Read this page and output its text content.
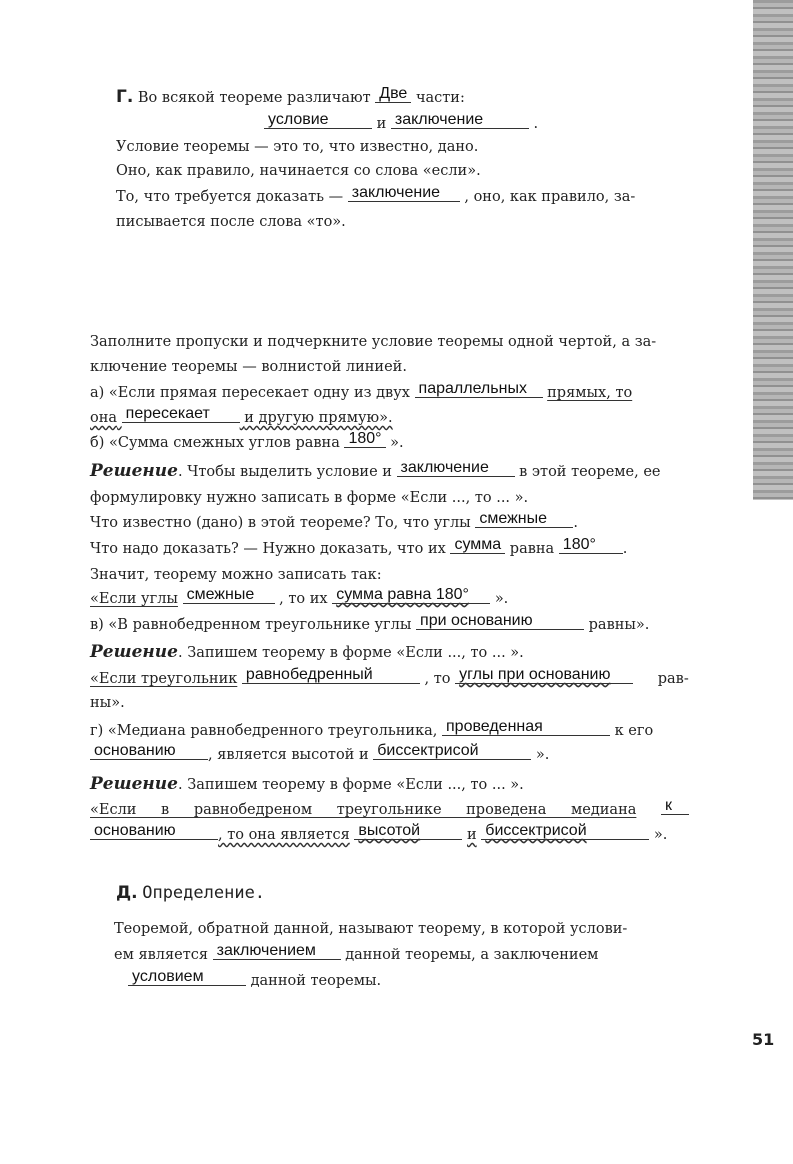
Г. Во всякой теореме различают Две части:
условие	и заключение	.
Условие теоремы — это то, что известно, дано.
Оно, как правило, начинается со слова «если».
То, что требуется доказать — заключение , оно, как правило, за-
писывается после слова «то».
Заполните пропуски и подчеркните условие теоремы одной чертой, а за-
ключение теоремы — волнистой линией.
а) «Если прямая пересекает одну из двух параллельных прямых, то
она пересекает и другую прямую».
б) «Сумма смежных углов равна 180° ».
Решение. Чтобы выделить условие и заключение в этой теореме, ее
формулировку нужно записать в форме «Если ..., то ... ».
Что известно (дано) в этой теореме? То, что углы смежные .
Что надо доказать? — Нужно доказать, что их сумма равна 180° .
Значит, теорему можно записать так:
«Если углы смежные , то их сумма равна 180° ».
в) «В равнобедренном треугольнике углы при основанию	равны».
Решение. Запишем теорему в форме «Если ..., то ... ».
«Если треугольник равнобедренный	, то углы при основанию	рав-
ны».
г) «Медиана равнобедренного треугольника, проведенная	к его
основанию , является высотой и биссектрисой	».
Решение. Запишем теорему в форме «Если ..., то ... ».
«Если в равнобедреном треугольнике проведена медиана к
основанию	, то она является высотой	и биссектрисой	».
Д. Определение.
Теоремой, обратной данной, называют теорему, в которой услови-
ем является заключением данной теоремы, а заключением
условием	данной теоремы.
51
